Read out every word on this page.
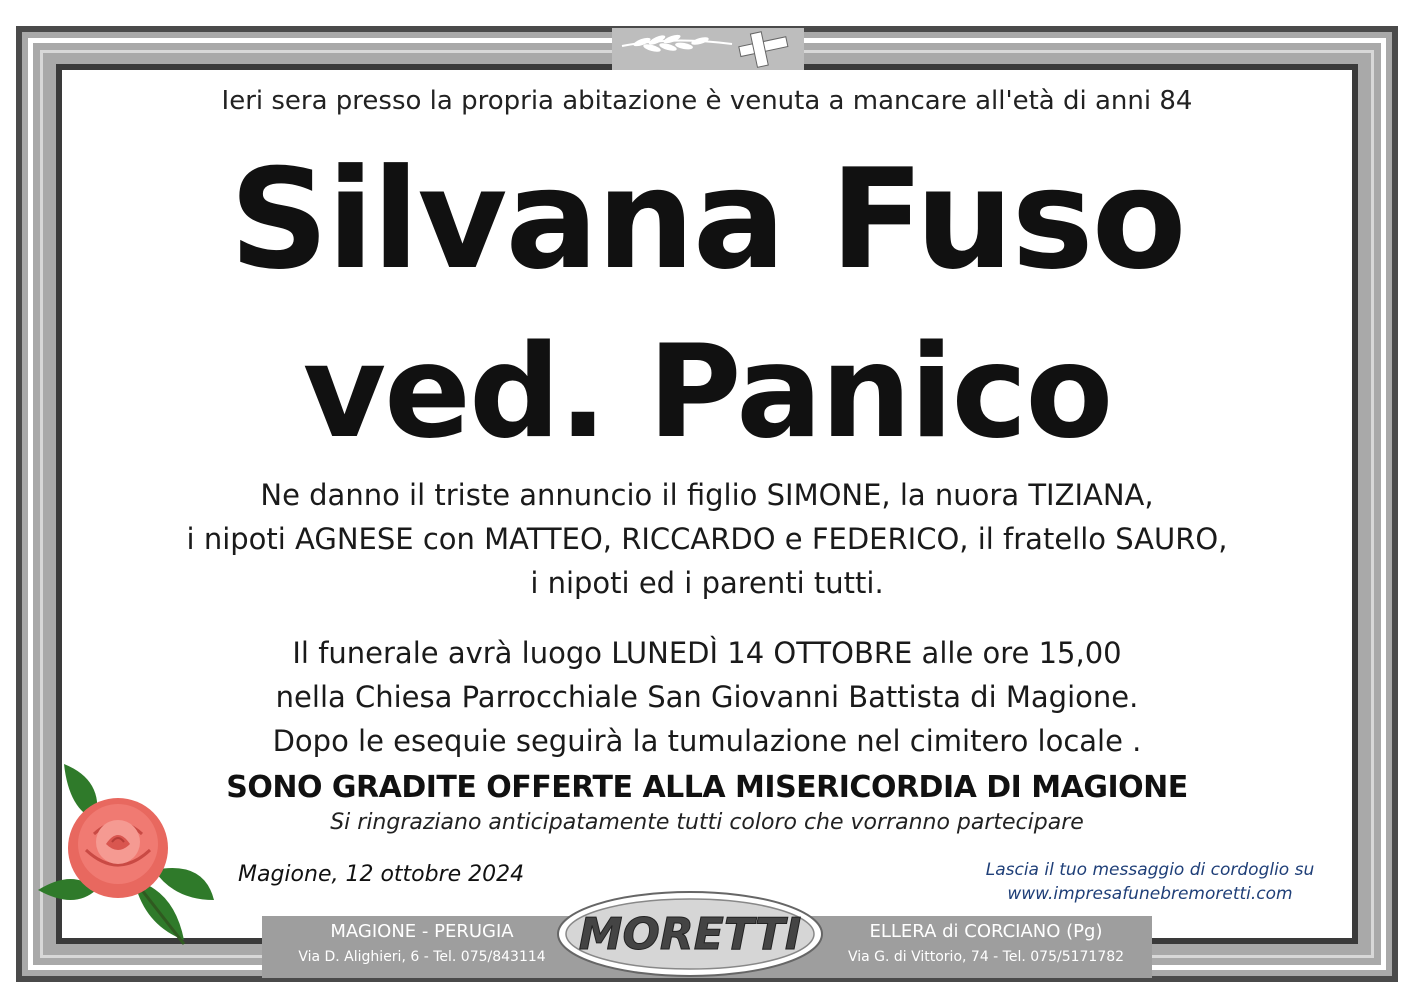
Ieri sera presso la propria abitazione è venuta a mancare all'età di anni 84
Silvana Fuso
ved. Panico
Ne danno il triste annuncio il figlio SIMONE, la nuora TIZIANA,
i nipoti AGNESE con MATTEO, RICCARDO e FEDERICO, il fratello SAURO,
i nipoti ed i parenti tutti.
Il funerale avrà luogo LUNEDÌ 14 OTTOBRE alle ore 15,00
nella Chiesa Parrocchiale San Giovanni Battista di Magione.
Dopo le esequie seguirà la tumulazione nel cimitero locale .
SONO GRADITE OFFERTE ALLA MISERICORDIA DI MAGIONE
Si ringraziano anticipatamente tutti coloro che vorranno partecipare
Magione, 12 ottobre 2024	Lascia il tuo messaggio di cordoglio su
www.impresafunebremoretti.com
MAGIONE - PERUGIA
Via D. Alighieri, 6 - Tel. 075/843114 MORETTI	ELLERA di CORCIANO (Pg)
Via G. di Vittorio, 74 - Tel. 075/5171782
